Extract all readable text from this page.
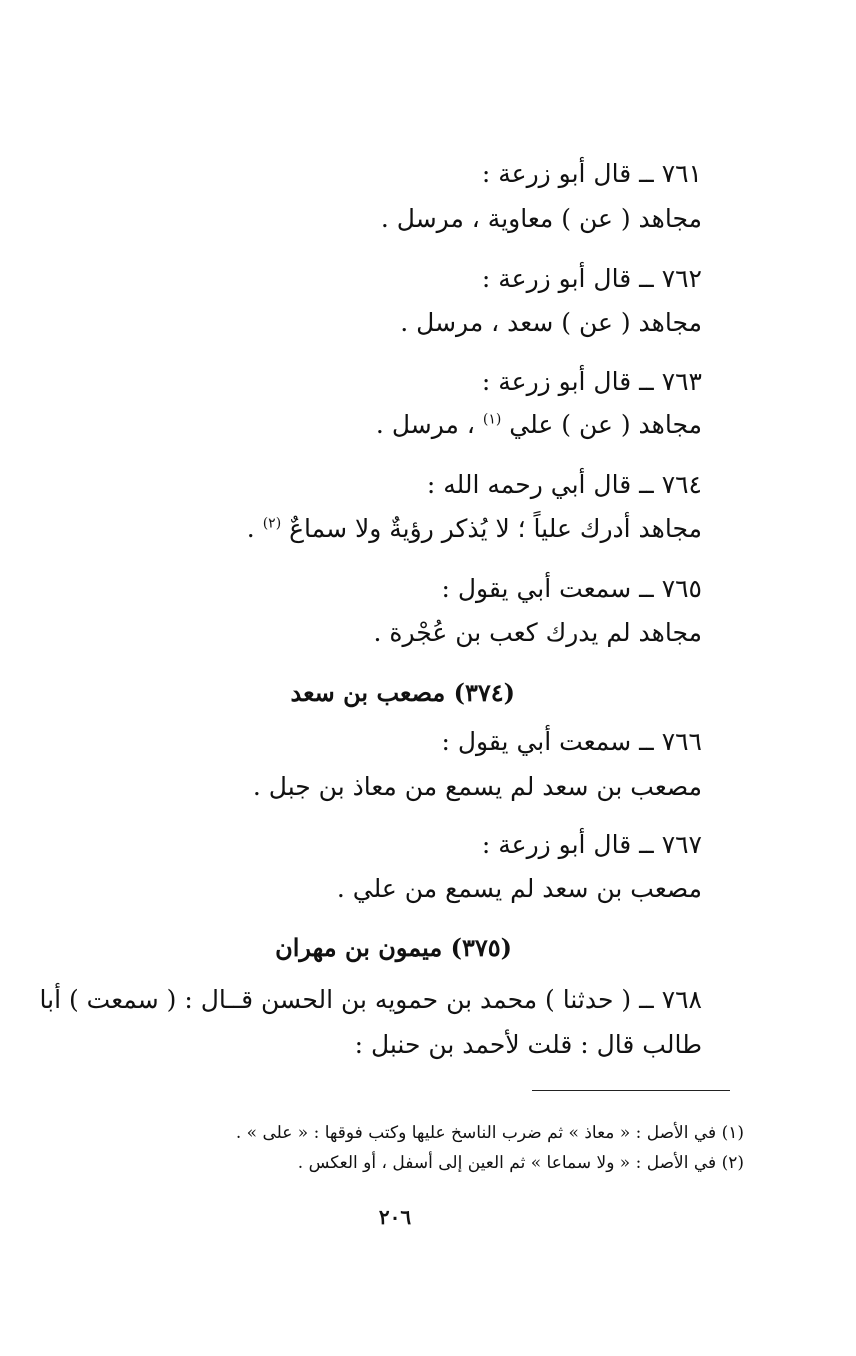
٧٦١ ــ قال أبو زرعة :
مجاهد ( عن ) معاوية ، مرسل .
٧٦٢ ــ قال أبو زرعة :
مجاهد ( عن ) سعد ، مرسل .
٧٦٣ ــ قال أبو زرعة :
مجاهد ( عن ) علي $^{(١)}$ ، مرسل .
٧٦٤ ــ قال أبي رحمه الله :
مجاهد أدرك علياً ؛ لا يُذكر رؤيةٌ ولا سماعٌ $^{(٢)}$ .
٧٦٥ ــ سمعت أبي يقول :
مجاهد لم يدرك كعب بن عُجْرة .
(٣٧٤) مصعب بن سعد
٧٦٦ ــ سمعت أبي يقول :
مصعب بن سعد لم يسمع من معاذ بن جبل .
٧٦٧ ــ قال أبو زرعة :
مصعب بن سعد لم يسمع من علي .
(٣٧٥) ميمون بن مهران
٧٦٨ ــ ( حدثنا ) محمد بن حمويه بن الحسن قــال : ( سمعت ) أبا
طالب قال : قلت لأحمد بن حنبل :
(١) في الأصل : « معاذ » ثم ضرب الناسخ عليها وكتب فوقها : « على » .
(٢) في الأصل : « ولا سماعا » ثم العين إلى أسفل ، أو العكس .
٢٠٦
